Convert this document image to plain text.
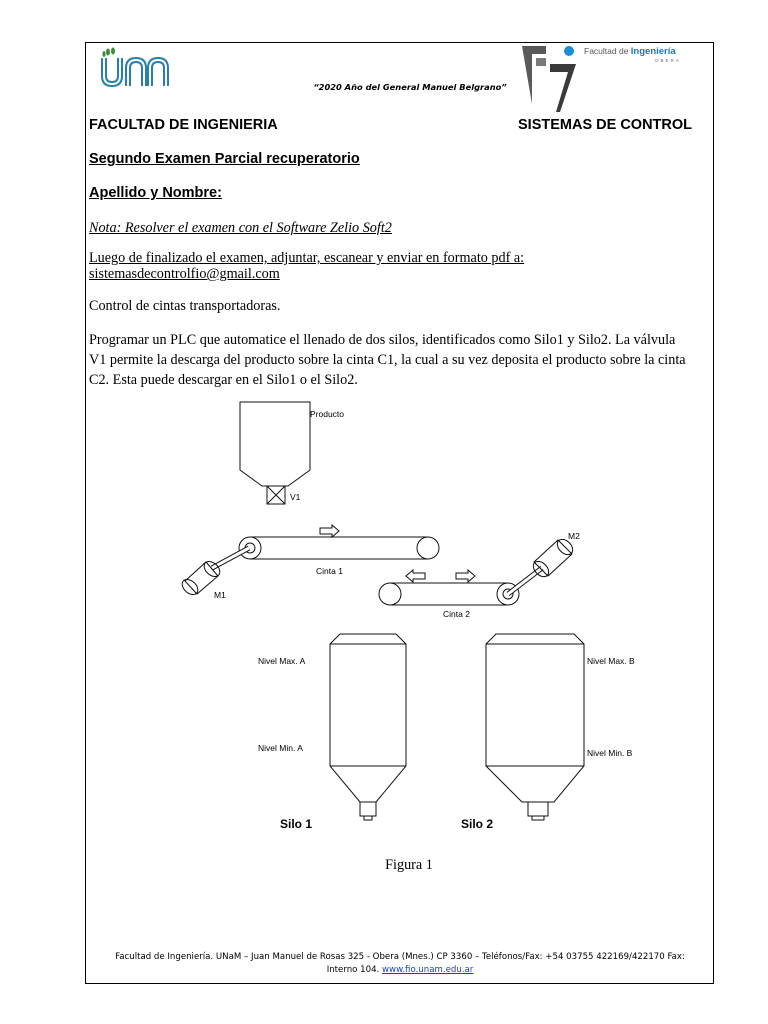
“2020 Año del General Manuel Belgrano”
Facultad de Ingeniería
OBERA
FACULTAD DE INGENIERIA	SISTEMAS DE CONTROL
Segundo Examen Parcial recuperatorio
Apellido y Nombre:
Nota: Resolver el examen con el Software Zelio Soft2
Luego de finalizado el examen, adjuntar, escanear y enviar en formato pdf a:
sistemasdecontrolfio@gmail.com
Control de cintas transportadoras.
Programar un PLC que automatice el llenado de dos silos, identificados como Silo1 y Silo2. La válvula
V1 permite la descarga del producto sobre la cinta C1, la cual a su vez deposita el producto sobre la cinta
C2. Esta puede descargar en el Silo1 o el Silo2.
Producto
V1
M1
M2
Cinta 1
Cinta 2
Nivel Max. A
Nivel Min. A
Nivel Max. B
Nivel Min. B
Silo 1	Silo 2
Figura 1
Facultad de Ingeniería. UNaM – Juan Manuel de Rosas 325 - Obera (Mnes.) CP 3360 – Teléfonos/Fax: +54 03755 422169/422170 Fax:
Interno 104. www.fio.unam.edu.ar
